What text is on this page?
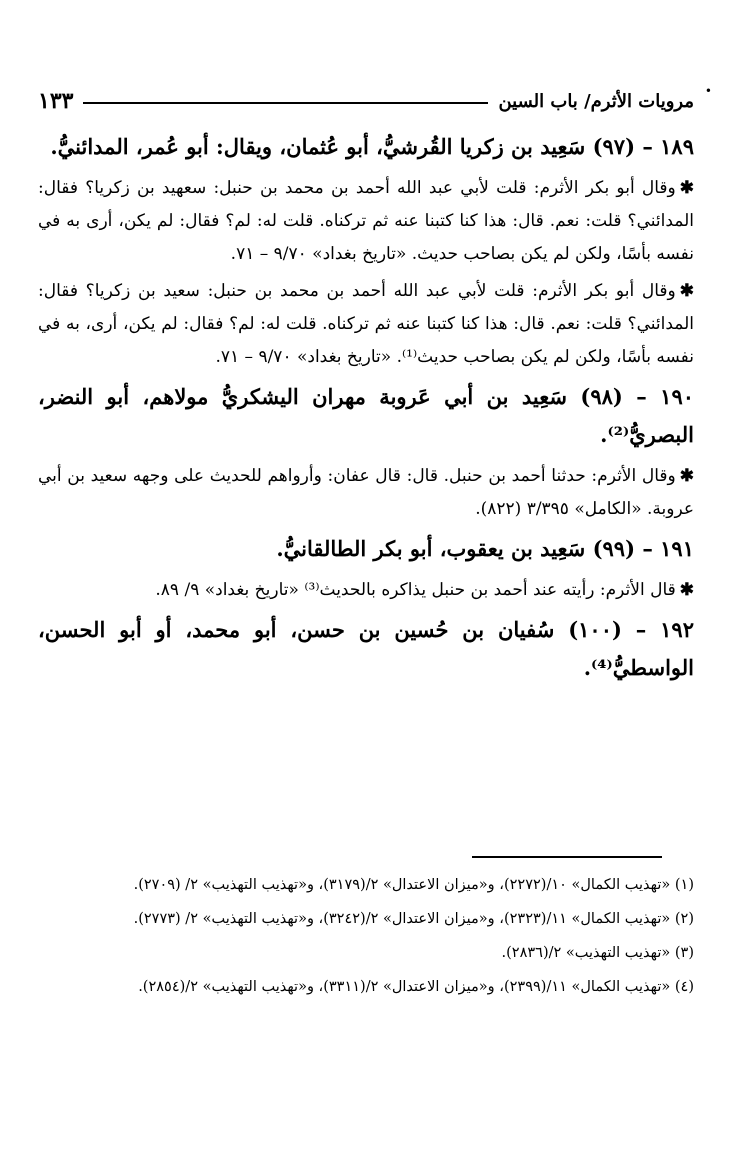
•
مرويات الأثرم/ باب السين
١٣٣

١٨٩ – (٩٧) سَعِيد بن زكريا القُرشيُّ، أبو عُثمان، ويقال: أبو عُمر، المدائنيُّ.

✱وقال أبو بكر الأثرم: قلت لأبي عبد الله أحمد بن محمد بن حنبل: سعهيد بن زكريا؟ فقال: المدائني؟ قلت: نعم. قال: هذا كنا كتبنا عنه ثم تركناه. قلت له: لم؟ فقال: لم يكن، أرى به في نفسه بأسًا، ولكن لم يكن بصاحب حديث. «تاريخ بغداد» ٩/٧٠ – ٧١.

✱وقال أبو بكر الأثرم: قلت لأبي عبد الله أحمد بن محمد بن حنبل: سعيد بن زكريا؟ فقال: المدائني؟ قلت: نعم. قال: هذا كنا كتبنا عنه ثم تركناه. قلت له: لم؟ فقال: لم يكن، أرى، به في نفسه بأسًا، ولكن لم يكن بصاحب حديث⁽¹⁾. «تاريخ بغداد» ٩/٧٠ – ٧١.

١٩٠ – (٩٨) سَعِيد بن أبي عَروبة مهران اليشكريُّ مولاهم، أبو النضر، البصريُّ⁽²⁾.

✱وقال الأثرم: حدثنا أحمد بن حنبل. قال: قال عفان: وأرواهم للحديث على وجهه سعيد بن أبي عروبة. «الكامل» ٣/٣٩٥ (٨٢٢).

١٩١ – (٩٩) سَعِيد بن يعقوب، أبو بكر الطالقانيُّ.

✱قال الأثرم: رأيته عند أحمد بن حنبل يذاكره بالحديث⁽³⁾ «تاريخ بغداد» ٩/ ٨٩.

١٩٢ – (١٠٠) سُفيان بن حُسين بن حسن، أبو محمد، أو أبو الحسن، الواسطيُّ⁽⁴⁾.

(١) «تهذيب الكمال» ١٠/(٢٢٧٢)، و«ميزان الاعتدال» ٢/(٣١٧٩)، و«تهذيب التهذيب» ٢/ (٢٧٠٩).

(٢) «تهذيب الكمال» ١١/(٢٣٢٣)، و«ميزان الاعتدال» ٢/(٣٢٤٢)، و«تهذيب التهذيب» ٢/ (٢٧٧٣).

(٣) «تهذيب التهذيب» ٢/(٢٨٣٦).

(٤) «تهذيب الكمال» ١١/(٢٣٩٩)، و«ميزان الاعتدال» ٢/(٣٣١١)، و«تهذيب التهذيب» ٢/(٢٨٥٤).
